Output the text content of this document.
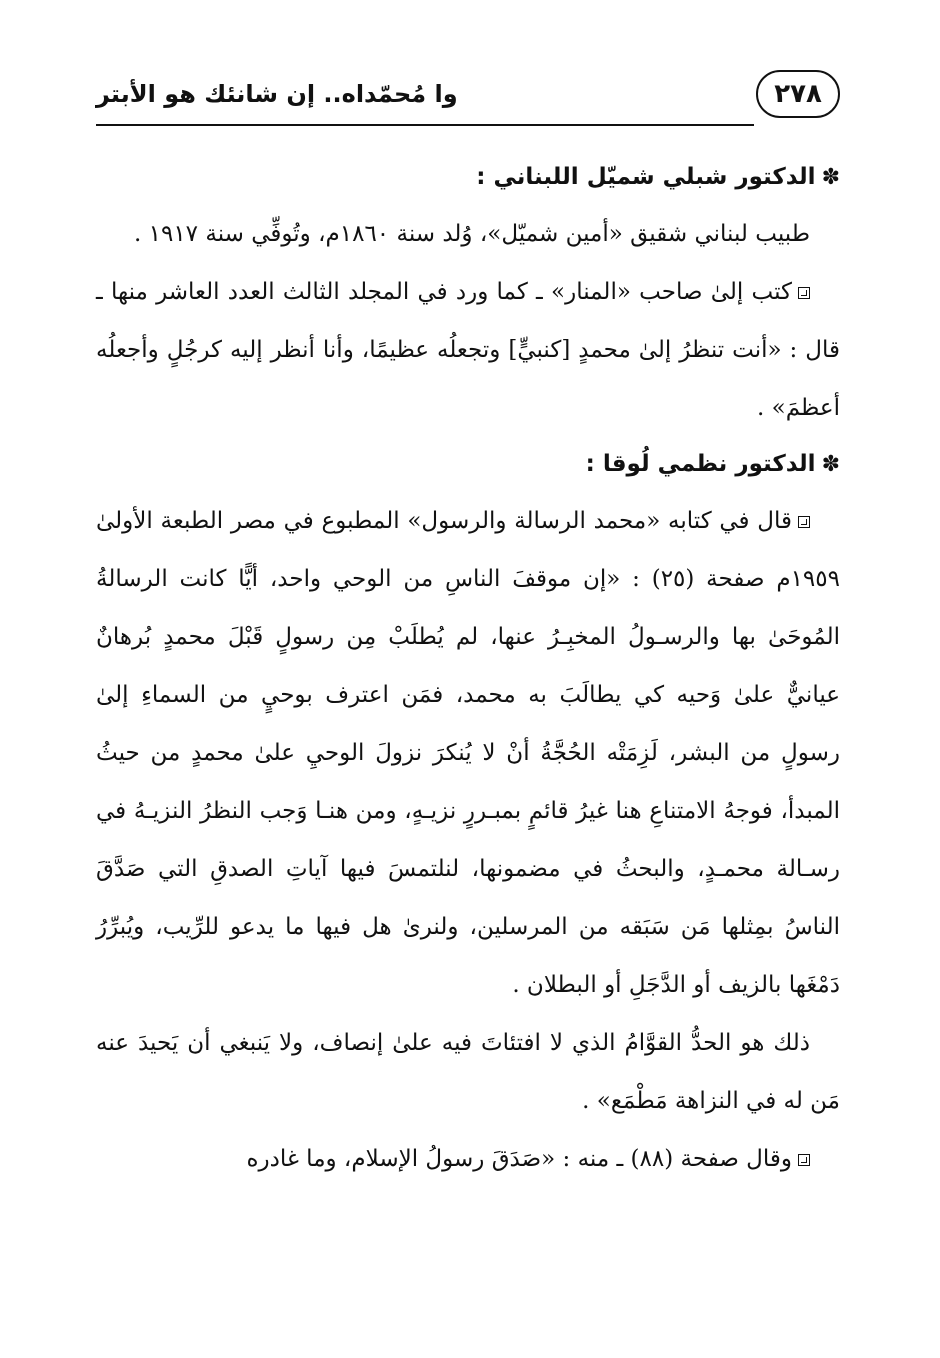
٢٧٨
وا مُحمّداه.. إن شانئك هو الأبتر
✽الدكتور شبلي شميّل اللبناني :

طبيب لبناني شقيق «أمين شميّل»، وُلد سنة ١٨٦٠م، وتُوفِّي سنة ١٩١٧ .

كتب إلىٰ صاحب «المنار» ـ كما ورد في المجلد الثالث العدد العاشر منها ـ قال : «أنت تنظرُ إلىٰ محمدٍ [كنبيٍّ] وتجعلُه عظيمًا، وأنا أنظر إليه كرجُلٍ وأجعلُه أعظمَ» .

✽الدكتور نظمي لُوقا :

قال في كتابه «محمد الرسالة والرسول» المطبوع في مصر الطبعة الأولىٰ ١٩٥٩م صفحة (٢٥) : «إن موقفَ الناسِ من الوحي واحد، أيًّا كانت الرسالةُ المُوحَىٰ بها والرسـولُ المخبِـرُ عنها، لم يُطلَبْ مِن رسولٍ قَبْلَ محمدٍ بُرهانٌ عيانيٌّ علىٰ وَحيه كي يطالَبَ به محمد، فمَن اعترف بوحيٍ من السماءِ إلىٰ رسولٍ من البشر، لَزِمَتْه الحُجَّةُ أنْ لا يُنكرَ نزولَ الوحيِ علىٰ محمدٍ من حيثُ المبدأ، فوجهُ الامتناعِ هنا غيرُ قائمٍ بمبـررٍ نزيـهٍ، ومن هنـا وَجب النظرُ النزيـهُ في رسـالة محمـدٍ، والبحثُ في مضمونها، لنلتمسَ فيها آياتِ الصدقِ التي صَدَّقَ الناسُ بمِثلها مَن سَبَقه من المرسلين، ولنرىٰ هل فيها ما يدعو للرِّيب، ويُبرِّرُ دَمْغَها بالزيف أو الدَّجَلِ أو البطلان .

ذلك هو الحدُّ القوَّامُ الذي لا افتئاتَ فيه علىٰ إنصاف، ولا يَنبغي أن يَحيدَ عنه مَن له في النزاهة مَطْمَع» .

وقال صفحة (٨٨) ـ منه : «صَدَقَ رسولُ الإسلام، وما غادره
